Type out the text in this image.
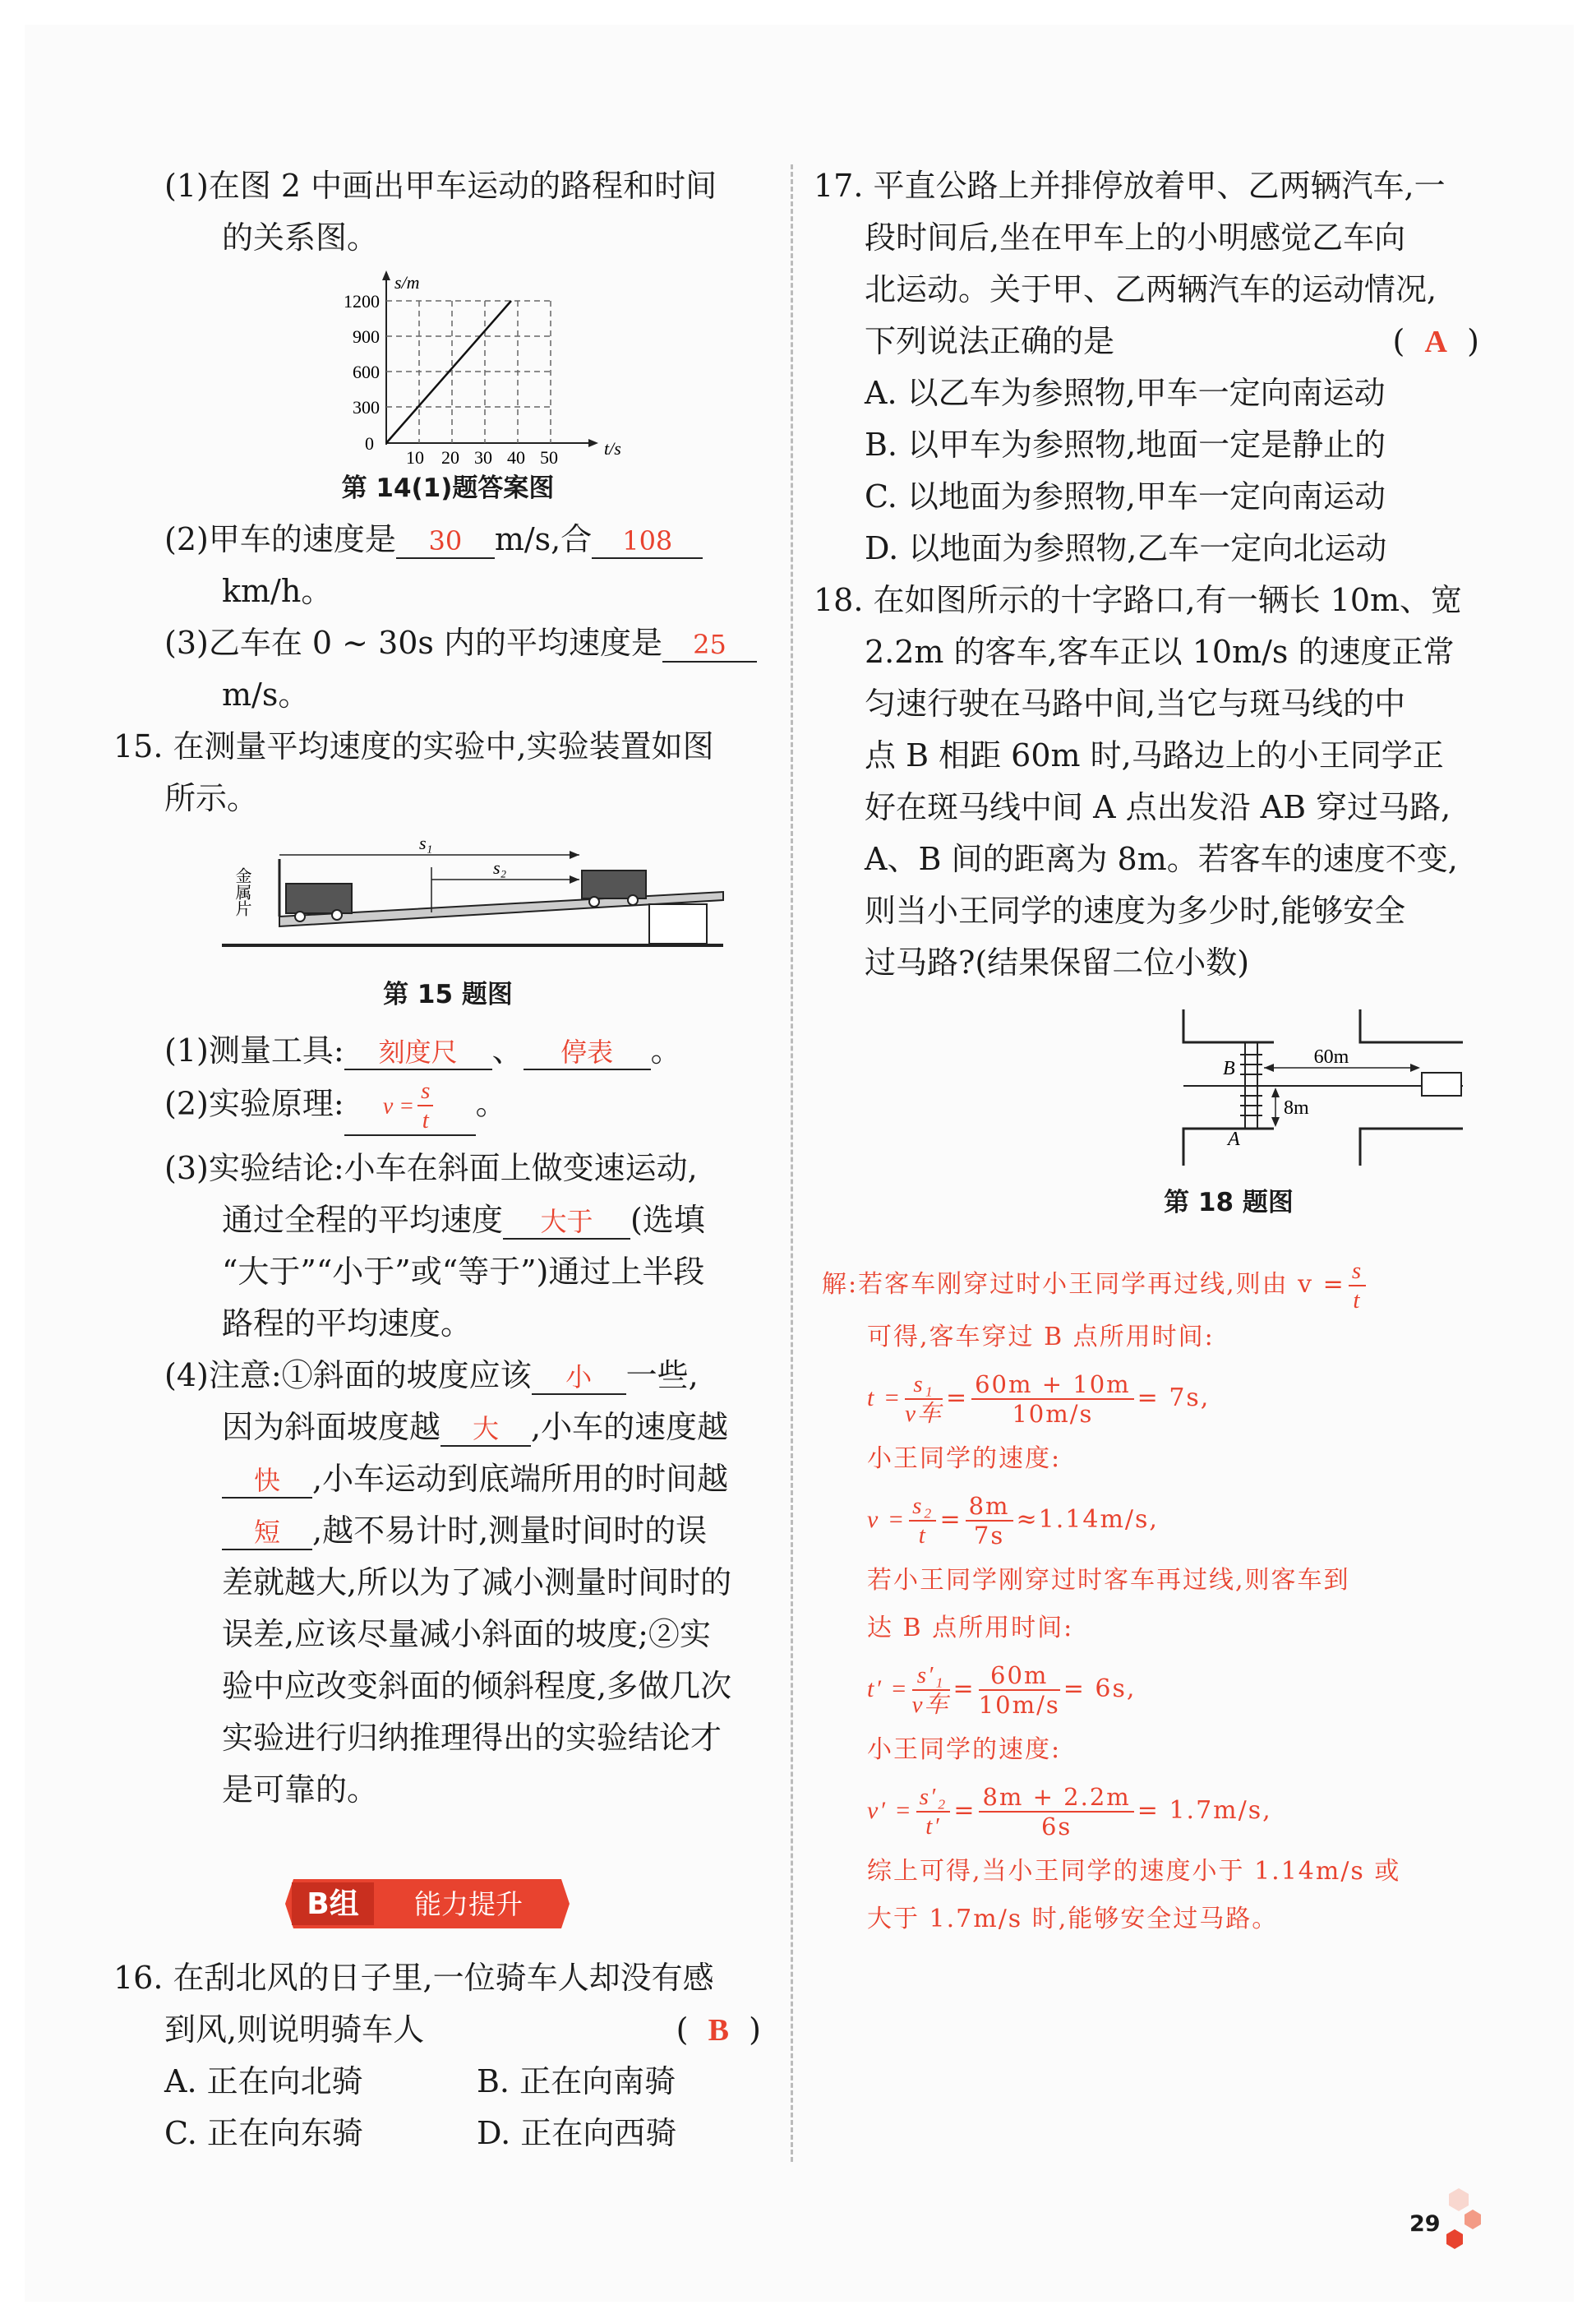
(1)在图 2 中画出甲车运动的路程和时间
的关系图。
s/m
t/s
0
1200
900
600
300
10 20 30 40 50
第 14(1)题答案图
(2)甲车的速度是 30 m/s,合 108
km/h。
(3)乙车在 0 ~ 30s 内的平均速度是 25
m/s。
15. 在测量平均速度的实验中,实验装置如图
所示。
金属片
s₁
s₂
第 15 题图
(1)测量工具: 刻度尺 、 停表 。
(2)实验原理: $v = \frac{s}{t}$ 。
(3)实验结论:小车在斜面上做变速运动,
通过全程的平均速度 大于 (选填
“大于”“小于”或“等于”)通过上半段
路程的平均速度。
(4)注意:①斜面的坡度应该 小 一些,
因为斜面坡度越 大 ,小车的速度越
快 ,小车运动到底端所用的时间越
短 ,越不易计时,测量时间时的误
差就越大,所以为了减小测量时间时的
误差,应该尽量减小斜面的坡度;②实
验中应改变斜面的倾斜程度,多做几次
实验进行归纳推理得出的实验结论才
是可靠的。
B组 能力提升
16. 在刮北风的日子里,一位骑车人却没有感
到风,则说明骑车人	( B )
A. 正在向北骑	B. 正在向南骑
C. 正在向东骑	D. 正在向西骑
17. 平直公路上并排停放着甲、乙两辆汽车,一
段时间后,坐在甲车上的小明感觉乙车向
北运动。关于甲、乙两辆汽车的运动情况,
下列说法正确的是	( A )
A. 以乙车为参照物,甲车一定向南运动
B. 以甲车为参照物,地面一定是静止的
C. 以地面为参照物,甲车一定向南运动
D. 以地面为参照物,乙车一定向北运动
18. 在如图所示的十字路口,有一辆长 10m、宽
2.2m 的客车,客车正以 10m/s 的速度正常
匀速行驶在马路中间,当它与斑马线的中
点 B 相距 60m 时,马路边上的小王同学正
好在斑马线中间 A 点出发沿 AB 穿过马路,
A、B 间的距离为 8m。若客车的速度不变,
则当小王同学的速度为多少时,能够安全
过马路?(结果保留二位小数)
B
A
60m
8m
第 18 题图
解:若客车刚穿过时小王同学再过线,则由 $v = \frac{s}{t}$
可得,客车穿过 B 点所用时间:
$t = \frac{\text{s₁}}{\text{v车}} = \frac{60m + 10m}{10m/s} = 7s$,
小王同学的速度:
$v = \frac{\text{s₂}}{t} = \frac{8m}{7s} \approx 1.14m/s$,
若小王同学刚穿过时客车再过线,则客车到
达 B 点所用时间:
$t' = \frac{\text{s′₁}}{\text{v车}} = \frac{60m}{10m/s} = 6s$,
小王同学的速度:
$v' = \frac{\text{s′₂}}{t'} = \frac{8m + 2.2m}{6s} = 1.7m/s$,
综上可得,当小王同学的速度小于 1.14m/s 或
大于 1.7m/s 时,能够安全过马路。
29
